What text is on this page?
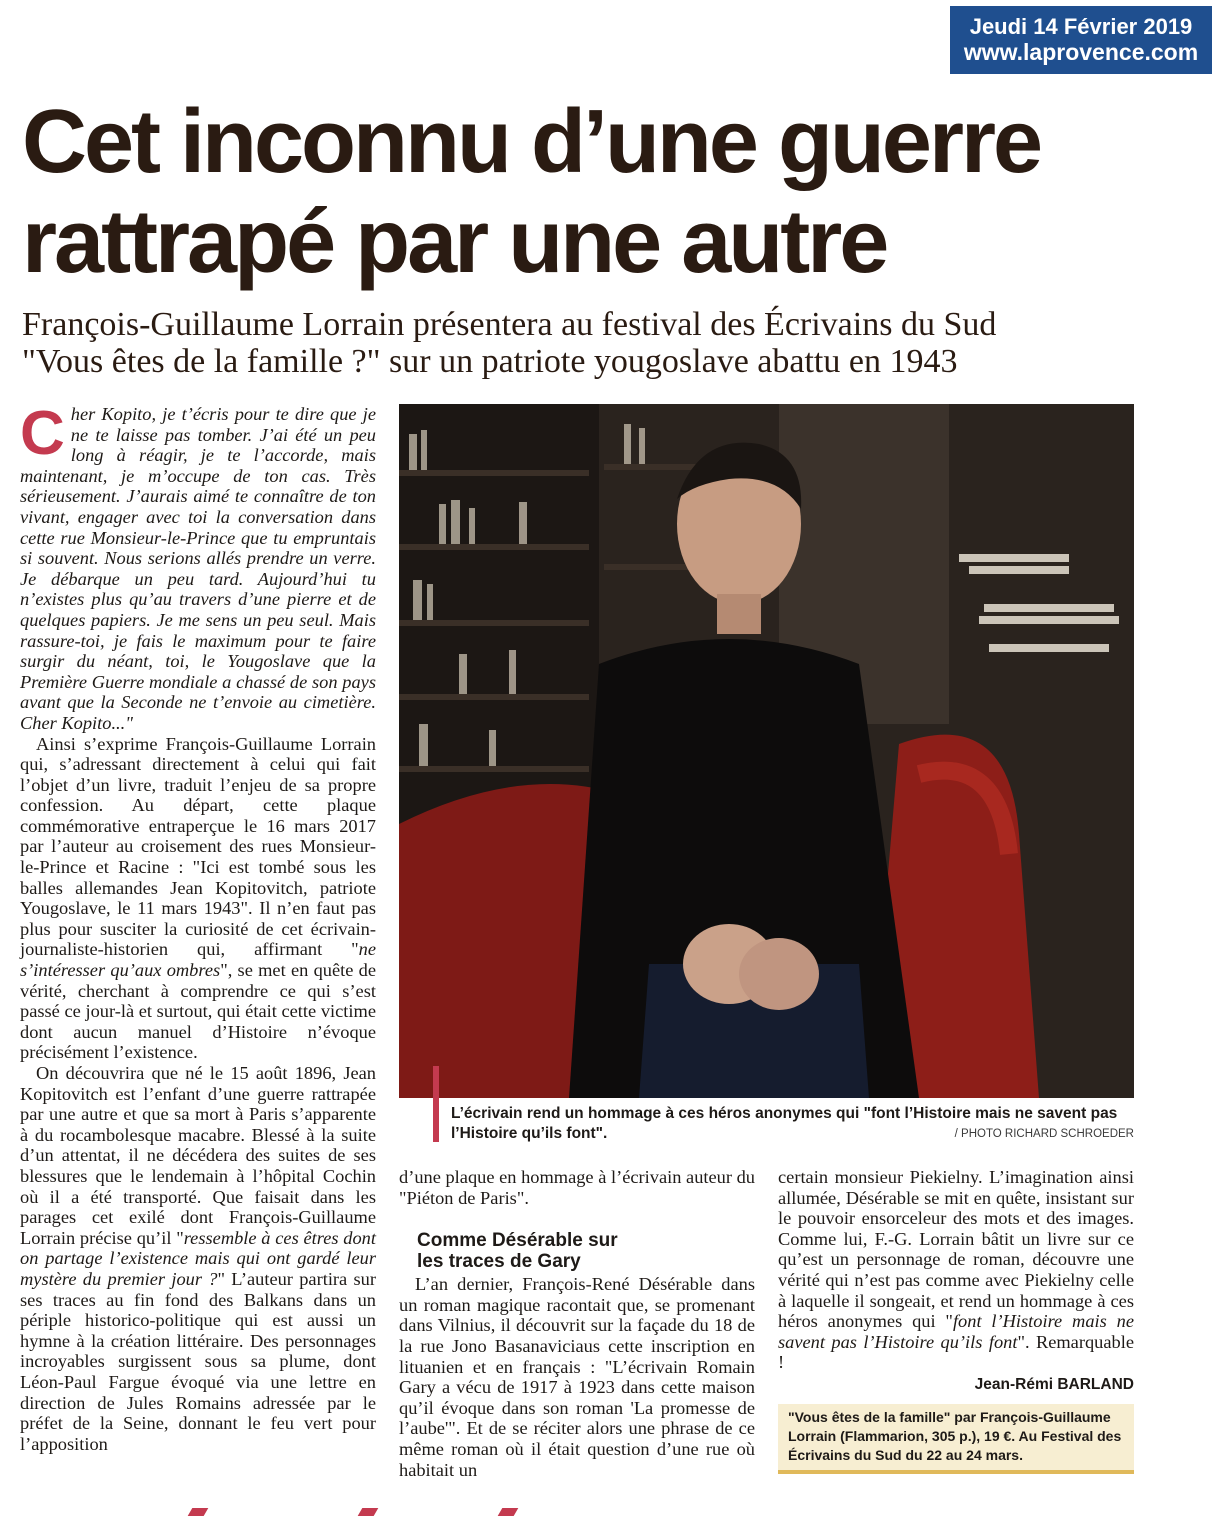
Jeudi 14 Février 2019
www.laprovence.com
Cet inconnu d’une guerre
rattrapé par une autre
François-Guillaume Lorrain présentera au festival des Écrivains du Sud
"Vous êtes de la famille ?" sur un patriote yougoslave abattu en 1943

Cher Kopito, je t’écris pour te dire que je ne te laisse pas tomber. J’ai été un peu long à réagir, je te l’accorde, mais maintenant, je m’occupe de ton cas. Très sérieusement. J’aurais aimé te connaître de ton vivant, engager avec toi la conversation dans cette rue Monsieur-le-Prince que tu empruntais si souvent. Nous serions allés prendre un verre. Je débarque un peu tard. Aujourd’hui tu n’existes plus qu’au travers d’une pierre et de quelques papiers. Je me sens un peu seul. Mais rassure-toi, je fais le maximum pour te faire surgir du néant, toi, le Yougoslave que la Première Guerre mondiale a chassé de son pays avant que la Seconde ne t’envoie au cimetière. Cher Kopito..."

Ainsi s’exprime François-Guillaume Lorrain qui, s’adressant directement à celui qui fait l’objet d’un livre, traduit l’enjeu de sa propre confession. Au départ, cette plaque commémorative entraperçue le 16 mars 2017 par l’auteur au croisement des rues Monsieur-le-Prince et Racine : "Ici est tombé sous les balles allemandes Jean Kopitovitch, patriote Yougoslave, le 11 mars 1943". Il n’en faut pas plus pour susciter la curiosité de cet écrivain-journaliste-historien qui, affirmant "ne s’intéresser qu’aux ombres", se met en quête de vérité, cherchant à comprendre ce qui s’est passé ce jour-là et surtout, qui était cette victime dont aucun manuel d’Histoire n’évoque précisément l’existence.

On découvrira que né le 15 août 1896, Jean Kopitovitch est l’enfant d’une guerre rattrapée par une autre et que sa mort à Paris s’apparente à du rocambolesque macabre. Blessé à la suite d’un attentat, il ne décédera des suites de ses blessures que le lendemain à l’hôpital Cochin où il a été transporté. Que faisait dans les parages cet exilé dont François-Guillaume Lorrain précise qu’il "ressemble à ces êtres dont on partage l’existence mais qui ont gardé leur mystère du premier jour ?" L’auteur partira sur ses traces au fin fond des Balkans dans un périple historico-politique qui est aussi un hymne à la création littéraire. Des personnages incroyables surgissent sous sa plume, dont Léon-Paul Fargue évoqué via une lettre en direction de Jules Romains adressée par le préfet de la Seine, donnant le feu vert pour l’apposition

L’écrivain rend un hommage à ces héros anonymes qui "font l’Histoire mais ne savent pas
l’Histoire qu’ils font".	/ PHOTO RICHARD SCHROEDER

d’une plaque en hommage à l’écrivain auteur du "Piéton de Paris".

Comme Désérable sur
les traces de Gary

L’an dernier, François-René Désérable dans un roman magique racontait que, se promenant dans Vilnius, il découvrit sur la façade du 18 de la rue Jono Basanaviciaus cette inscription en lituanien et en français : "L’écrivain Romain Gary a vécu de 1917 à 1923 dans cette maison qu’il évoque dans son roman 'La promesse de l’aube'". Et de se réciter alors une phrase de ce même roman où il était question d’une rue où habitait un

certain monsieur Piekielny. L’imagination ainsi allumée, Désérable se mit en quête, insistant sur le pouvoir ensorceleur des mots et des images. Comme lui, F.-G. Lorrain bâtit un livre sur ce qu’est un personnage de roman, découvre une vérité qui n’est pas comme avec Piekielny celle à laquelle il songeait, et rend un hommage à ces héros anonymes qui "font l’Histoire mais ne savent pas l’Histoire qu’ils font". Remarquable !

Jean-Rémi BARLAND
"Vous êtes de la famille" par François-Guillaume Lorrain (Flammarion, 305 p.), 19 €. Au Festival des Écrivains du Sud du 22 au 24 mars.
